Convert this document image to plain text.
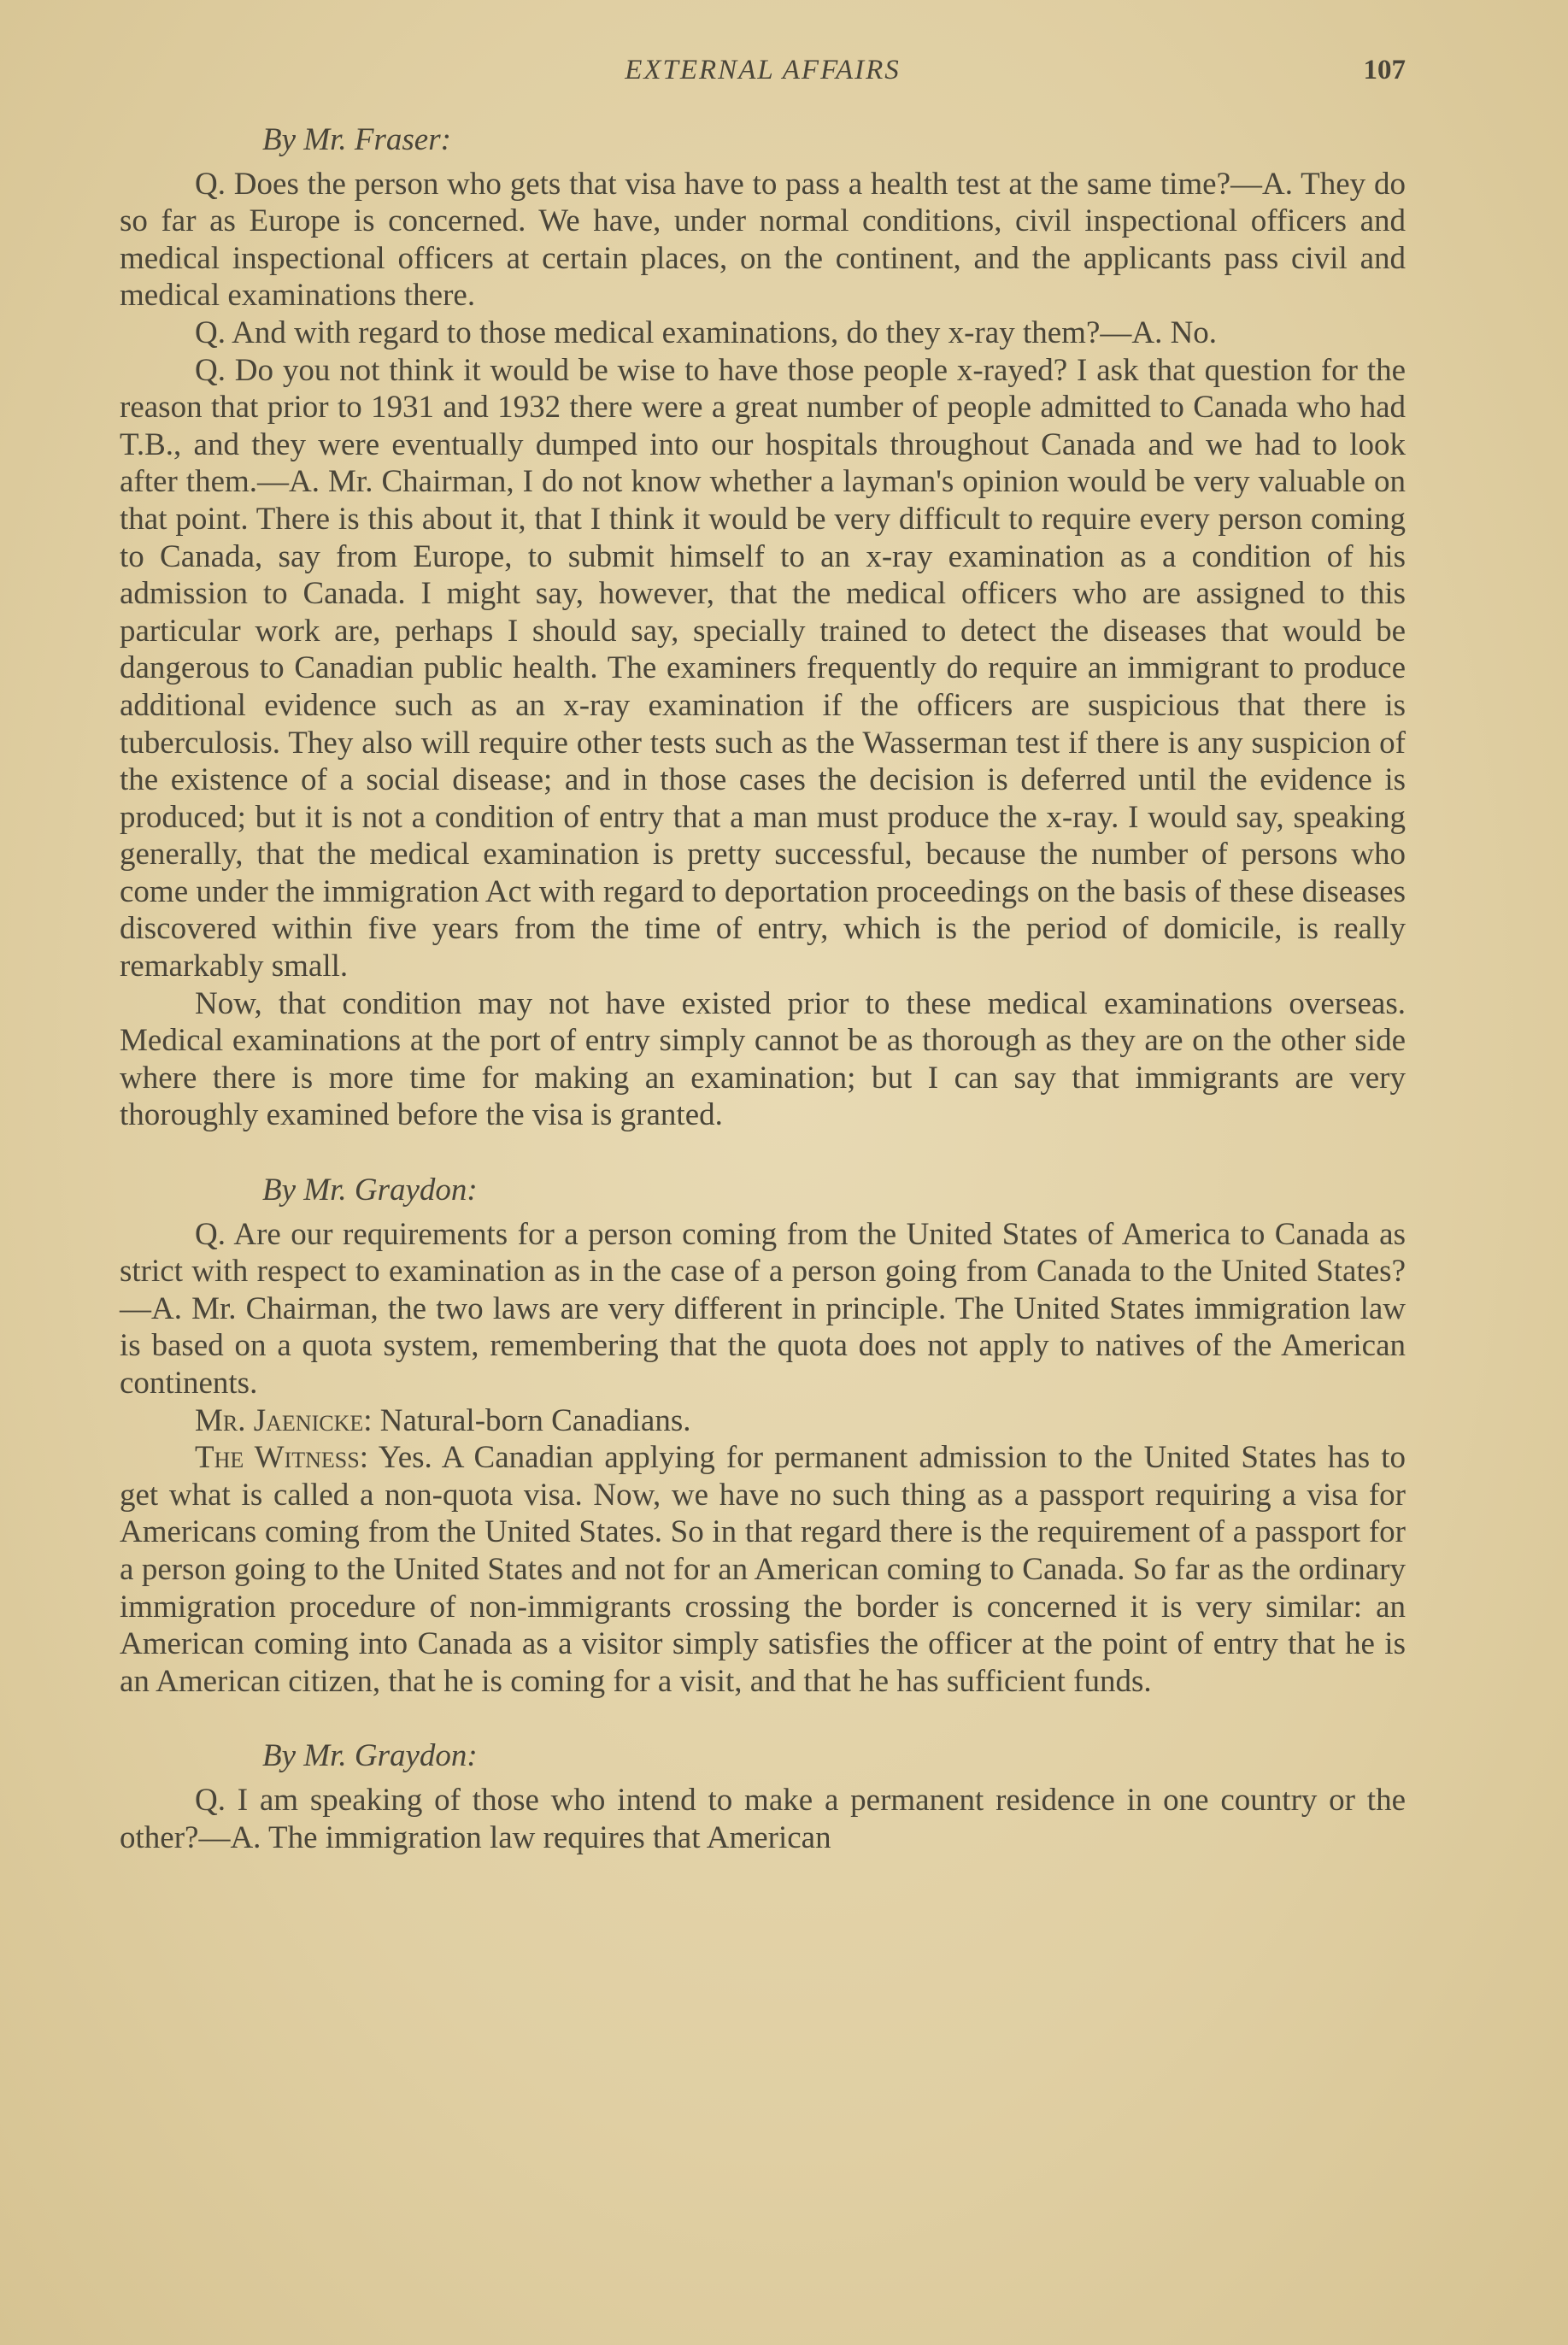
EXTERNAL AFFAIRS	107
By Mr. Fraser:

Q. Does the person who gets that visa have to pass a health test at the same time?—A. They do so far as Europe is concerned. We have, under normal conditions, civil inspectional officers and medical inspectional officers at certain places, on the continent, and the applicants pass civil and medical examinations there.

Q. And with regard to those medical examinations, do they x-ray them?—A. No.

Q. Do you not think it would be wise to have those people x-rayed? I ask that question for the reason that prior to 1931 and 1932 there were a great number of people admitted to Canada who had T.B., and they were eventually dumped into our hospitals throughout Canada and we had to look after them.—A. Mr. Chairman, I do not know whether a layman's opinion would be very valuable on that point. There is this about it, that I think it would be very difficult to require every person coming to Canada, say from Europe, to submit himself to an x-ray examination as a condition of his admission to Canada. I might say, however, that the medical officers who are assigned to this particular work are, perhaps I should say, specially trained to detect the diseases that would be dangerous to Canadian public health. The examiners frequently do require an immigrant to produce additional evidence such as an x-ray examination if the officers are suspicious that there is tuberculosis. They also will require other tests such as the Wasserman test if there is any suspicion of the existence of a social disease; and in those cases the decision is deferred until the evidence is produced; but it is not a condition of entry that a man must produce the x-ray. I would say, speaking generally, that the medical examination is pretty successful, because the number of persons who come under the immigration Act with regard to deportation proceedings on the basis of these diseases discovered within five years from the time of entry, which is the period of domicile, is really remarkably small.

Now, that condition may not have existed prior to these medical examinations overseas. Medical examinations at the port of entry simply cannot be as thorough as they are on the other side where there is more time for making an examination; but I can say that immigrants are very thoroughly examined before the visa is granted.

By Mr. Graydon:

Q. Are our requirements for a person coming from the United States of America to Canada as strict with respect to examination as in the case of a person going from Canada to the United States?—A. Mr. Chairman, the two laws are very different in principle. The United States immigration law is based on a quota system, remembering that the quota does not apply to natives of the American continents.

Mr. Jaenicke: Natural-born Canadians.

The Witness: Yes. A Canadian applying for permanent admission to the United States has to get what is called a non-quota visa. Now, we have no such thing as a passport requiring a visa for Americans coming from the United States. So in that regard there is the requirement of a passport for a person going to the United States and not for an American coming to Canada. So far as the ordinary immigration procedure of non-immigrants crossing the border is concerned it is very similar: an American coming into Canada as a visitor simply satisfies the officer at the point of entry that he is an American citizen, that he is coming for a visit, and that he has sufficient funds.

By Mr. Graydon:

Q. I am speaking of those who intend to make a permanent residence in one country or the other?—A. The immigration law requires that American
